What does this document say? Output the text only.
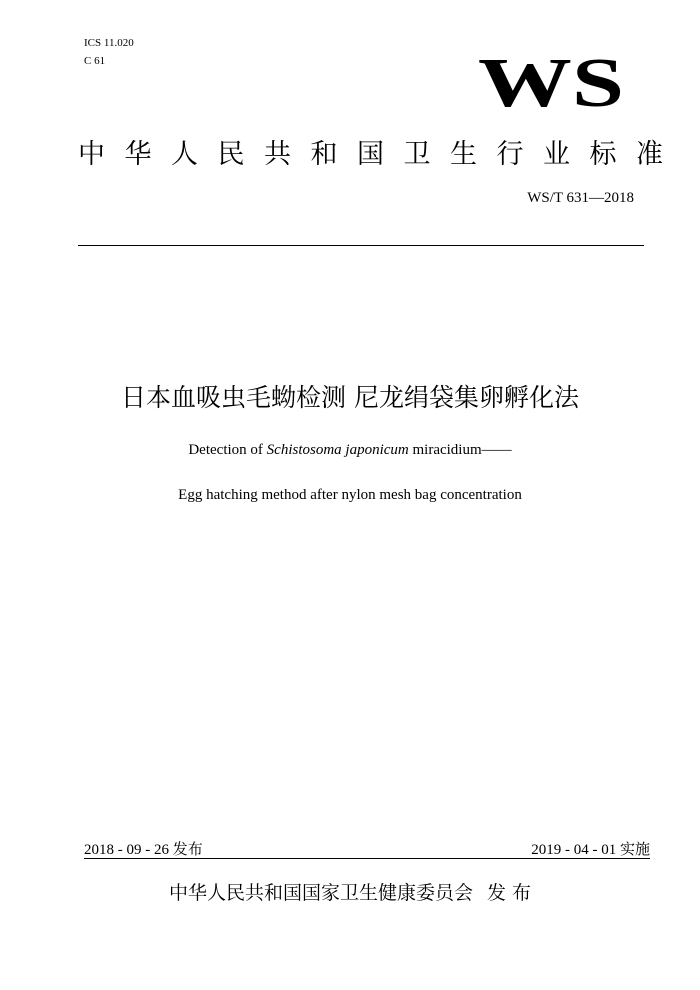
ICS 11.020
C 61	WS
中华人民共和国卫生行业标准
WS/T 631—2018
日本血吸虫毛蚴检测 尼龙绢袋集卵孵化法
Detection of Schistosoma japonicum miracidium——
Egg hatching method after nylon mesh bag concentration
2018 - 09 - 26 发布	2019 - 04 - 01 实施
中华人民共和国国家卫生健康委员会 发 布
